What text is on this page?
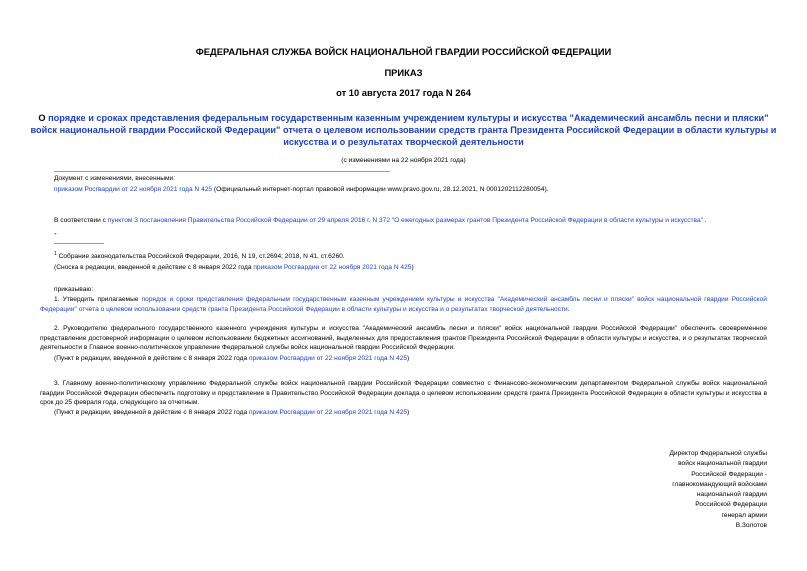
ФЕДЕРАЛЬНАЯ СЛУЖБА ВОЙСК НАЦИОНАЛЬНОЙ ГВАРДИИ РОССИЙСКОЙ ФЕДЕРАЦИИ
ПРИКАЗ
от 10 августа 2017 года N 264
О порядке и сроках представления федеральным государственным казенным учреждением культуры и искусства "Академический ансамбль песни и пляски" войск национальной гвардии Российской Федерации" отчета о целевом использовании средств гранта Президента Российской Федерации в области культуры и искусства и о результатах творческой деятельности
(с изменениями на 22 ноября 2021 года)
Документ с изменениями, внесенными:
приказом Росгвардии от 22 ноября 2021 года N 425 (Официальный интернет-портал правовой информации www.pravo.gov.ru, 28.12.2021, N 0001202112280054).
В соответствии с пунктом 3 постановления Правительства Российской Федерации от 29 апреля 2016 г. N 372 "О ежегодных размерах грантов Президента Российской Федерации в области культуры и искусства" .
-
$^1$ Собрание законодательства Российской Федерации, 2016, N 19, ст.2694; 2018, N 41, ст.6260.
(Сноска в редакции, введенной в действие с 8 января 2022 года приказом Росгвардии от 22 ноября 2021 года N 425)
приказываю:
1. Утвердить прилагаемые порядок и сроки представления федеральным государственным казенным учреждением культуры и искусства "Академический ансамбль песни и пляски" войск национальной гвардии Российской Федерации" отчета о целевом использовании средств гранта Президента Российской Федерации в области культуры и искусства и о результатах творческой деятельности.
2. Руководителю федерального государственного казенного учреждения культуры и искусства "Академический ансамбль песни и пляски" войск национальной гвардии Российской Федерации" обеспечить своевременное представление достоверной информации о целевом использовании бюджетных ассигнований, выделенных для предоставления грантов Президента Российской Федерации в области культуры и искусства, и о результатах творческой деятельности в Главное военно-политическое управление Федеральной службы войск национальной гвардии Российской Федерации.
(Пункт в редакции, введенной в действие с 8 января 2022 года приказом Росгвардии от 22 ноября 2021 года N 425)
3. Главному военно-политическому управлению Федеральной службы войск национальной гвардии Российской Федерации совместно с Финансово-экономическим департаментом Федеральной службы войск национальной гвардии Российской Федерации обеспечить подготовку и представление в Правительство Российской Федерации доклада о целевом использовании средств гранта Президента Российской Федерации в области культуры и искусства в срок до 25 февраля года, следующего за отчетным.
(Пункт в редакции, введенной в действие с 8 января 2022 года приказом Росгвардии от 22 ноября 2021 года N 425)
Директор Федеральной службы
войск национальной гвардии
Российской Федерации -
главнокомандующий войсками
национальной гвардии
Российской Федерации
генерал армии
В.Золотов
